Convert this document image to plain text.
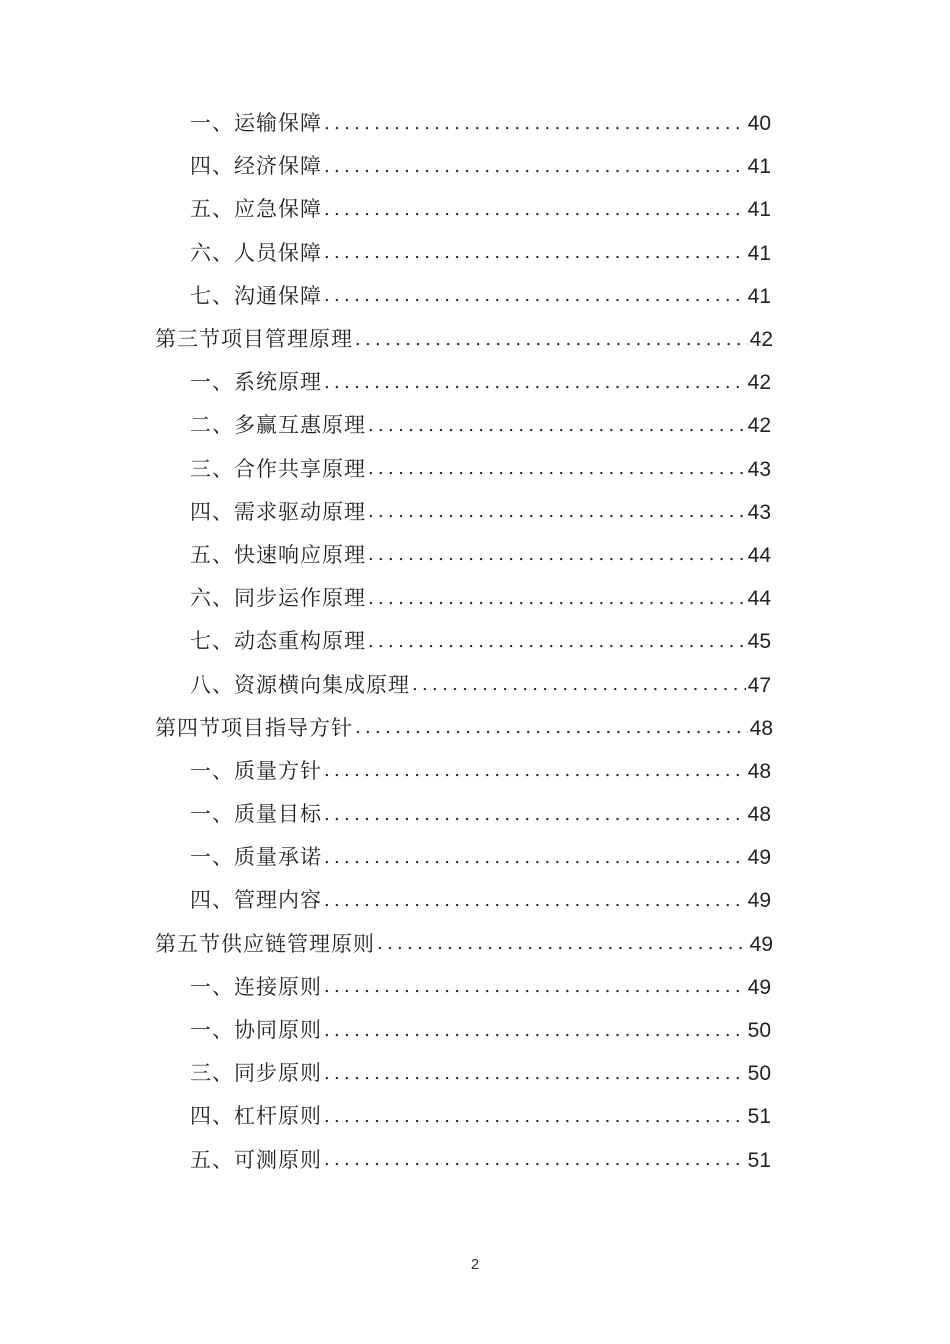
一、运输保障 .....	40
四、经济保障 .....	41
五、应急保障 .....	41
六、人员保障 .....	41
七、沟通保障 .....	41
第三节项目管理原理 .....	42
一、系统原理 .....	42
二、多赢互惠原理 .....	42
三、合作共享原理 .....	43
四、需求驱动原理 .....	43
五、快速响应原理 .....	44
六、同步运作原理 .....	44
七、动态重构原理 .....	45
八、资源横向集成原理 .....	47
第四节项目指导方针 .....	48
一、质量方针 .....	48
一、质量目标 .....	48
一、质量承诺 .....	49
四、管理内容 .....	49
第五节供应链管理原则 .....	49
一、连接原则 .....	49
一、协同原则 .....	50
三、同步原则 .....	50
四、杠杆原则 .....	51
五、可测原则 .....	51
2
